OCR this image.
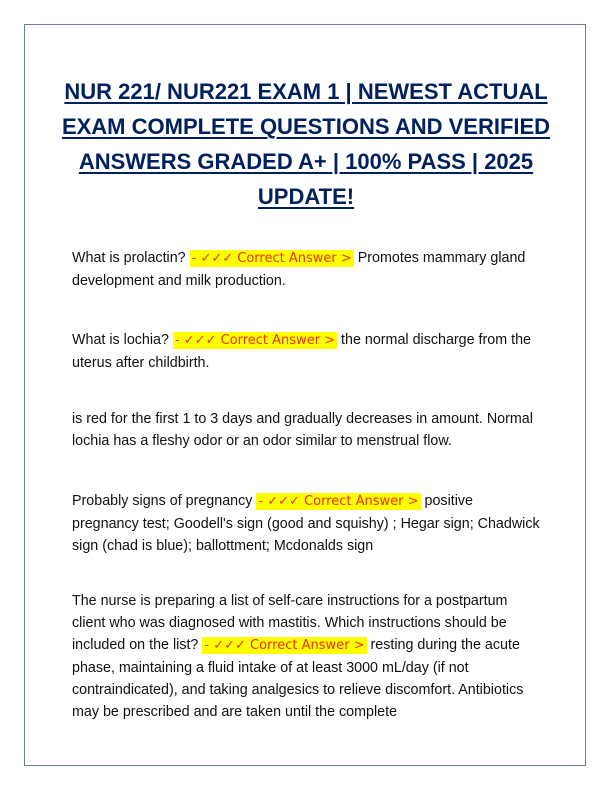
NUR 221/ NUR221 EXAM 1 | NEWEST ACTUAL EXAM COMPLETE QUESTIONS AND VERIFIED ANSWERS GRADED A+ | 100% PASS | 2025 UPDATE!

What is prolactin? - ✓✓✓ Correct Answer > Promotes mammary gland development and milk production.

What is lochia? - ✓✓✓ Correct Answer > the normal discharge from the uterus after childbirth.

is red for the first 1 to 3 days and gradually decreases in amount. Normal lochia has a fleshy odor or an odor similar to menstrual flow.

Probably signs of pregnancy - ✓✓✓ Correct Answer > positive pregnancy test; Goodell's sign (good and squishy) ; Hegar sign; Chadwick sign (chad is blue); ballottment; Mcdonalds sign

The nurse is preparing a list of self-care instructions for a postpartum client who was diagnosed with mastitis. Which instructions should be included on the list? - ✓✓✓ Correct Answer > resting during the acute phase, maintaining a fluid intake of at least 3000 mL/day (if not contraindicated), and taking analgesics to relieve discomfort. Antibiotics may be prescribed and are taken until the complete
